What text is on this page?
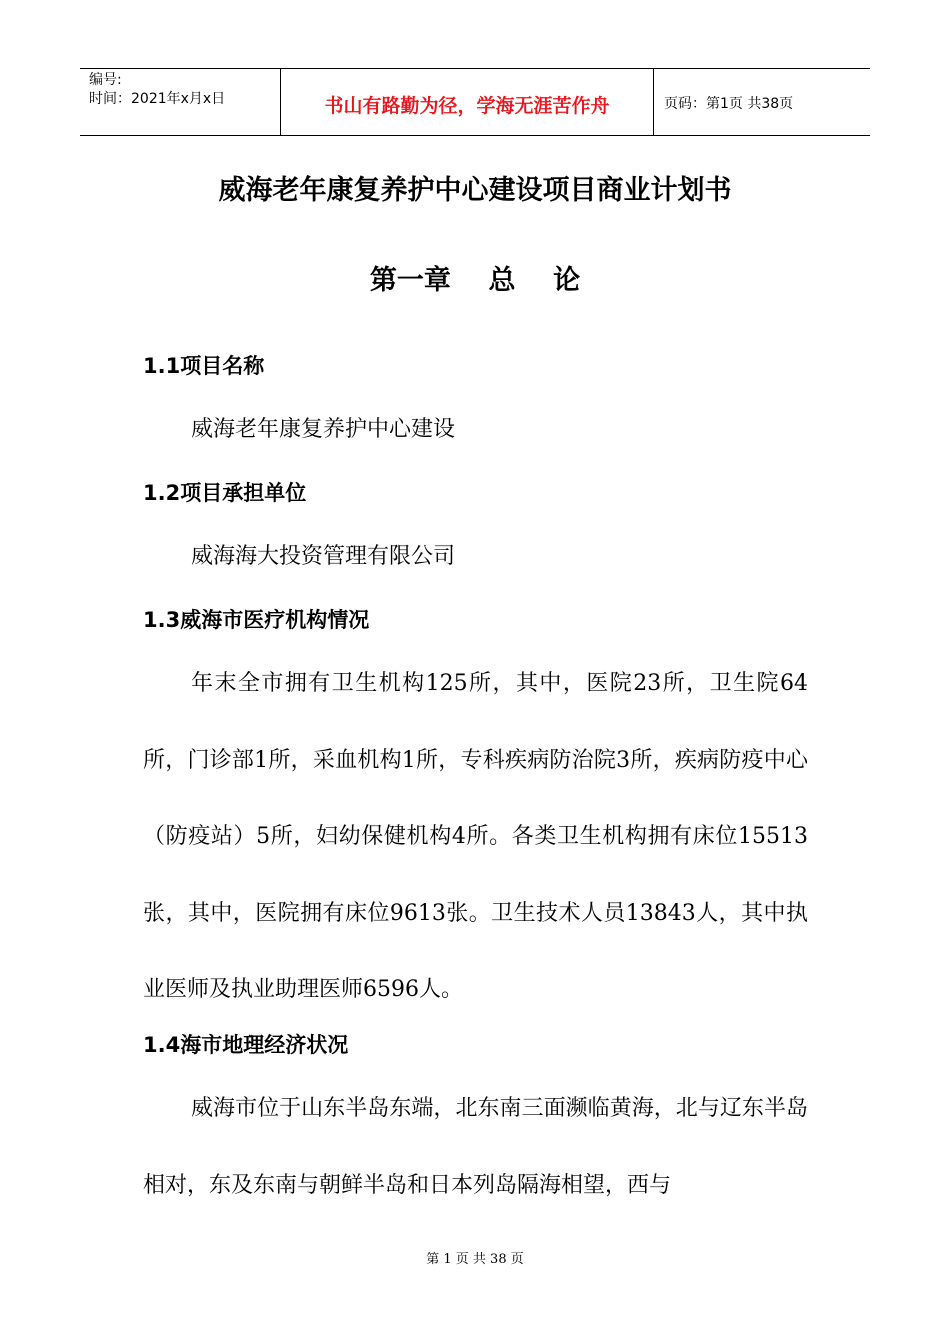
编号:
时间：2021年x月x日	书山有路勤为径，学海无涯苦作舟	页码：第1页 共38页
威海老年康复养护中心建设项目商业计划书
第一章    总    论
1.1项目名称
威海老年康复养护中心建设
1.2项目承担单位
威海海大投资管理有限公司
1.3威海市医疗机构情况
年末全市拥有卫生机构125所，其中，医院23所，卫生院64所，门诊部1所，采血机构1所，专科疾病防治院3所，疾病防疫中心（防疫站）5所，妇幼保健机构4所。各类卫生机构拥有床位15513张，其中，医院拥有床位9613张。卫生技术人员13843人，其中执业医师及执业助理医师6596人。
1.4海市地理经济状况
威海市位于山东半岛东端，北东南三面濒临黄海，北与辽东半岛相对，东及东南与朝鲜半岛和日本列岛隔海相望，西与
第 1 页 共 38 页
